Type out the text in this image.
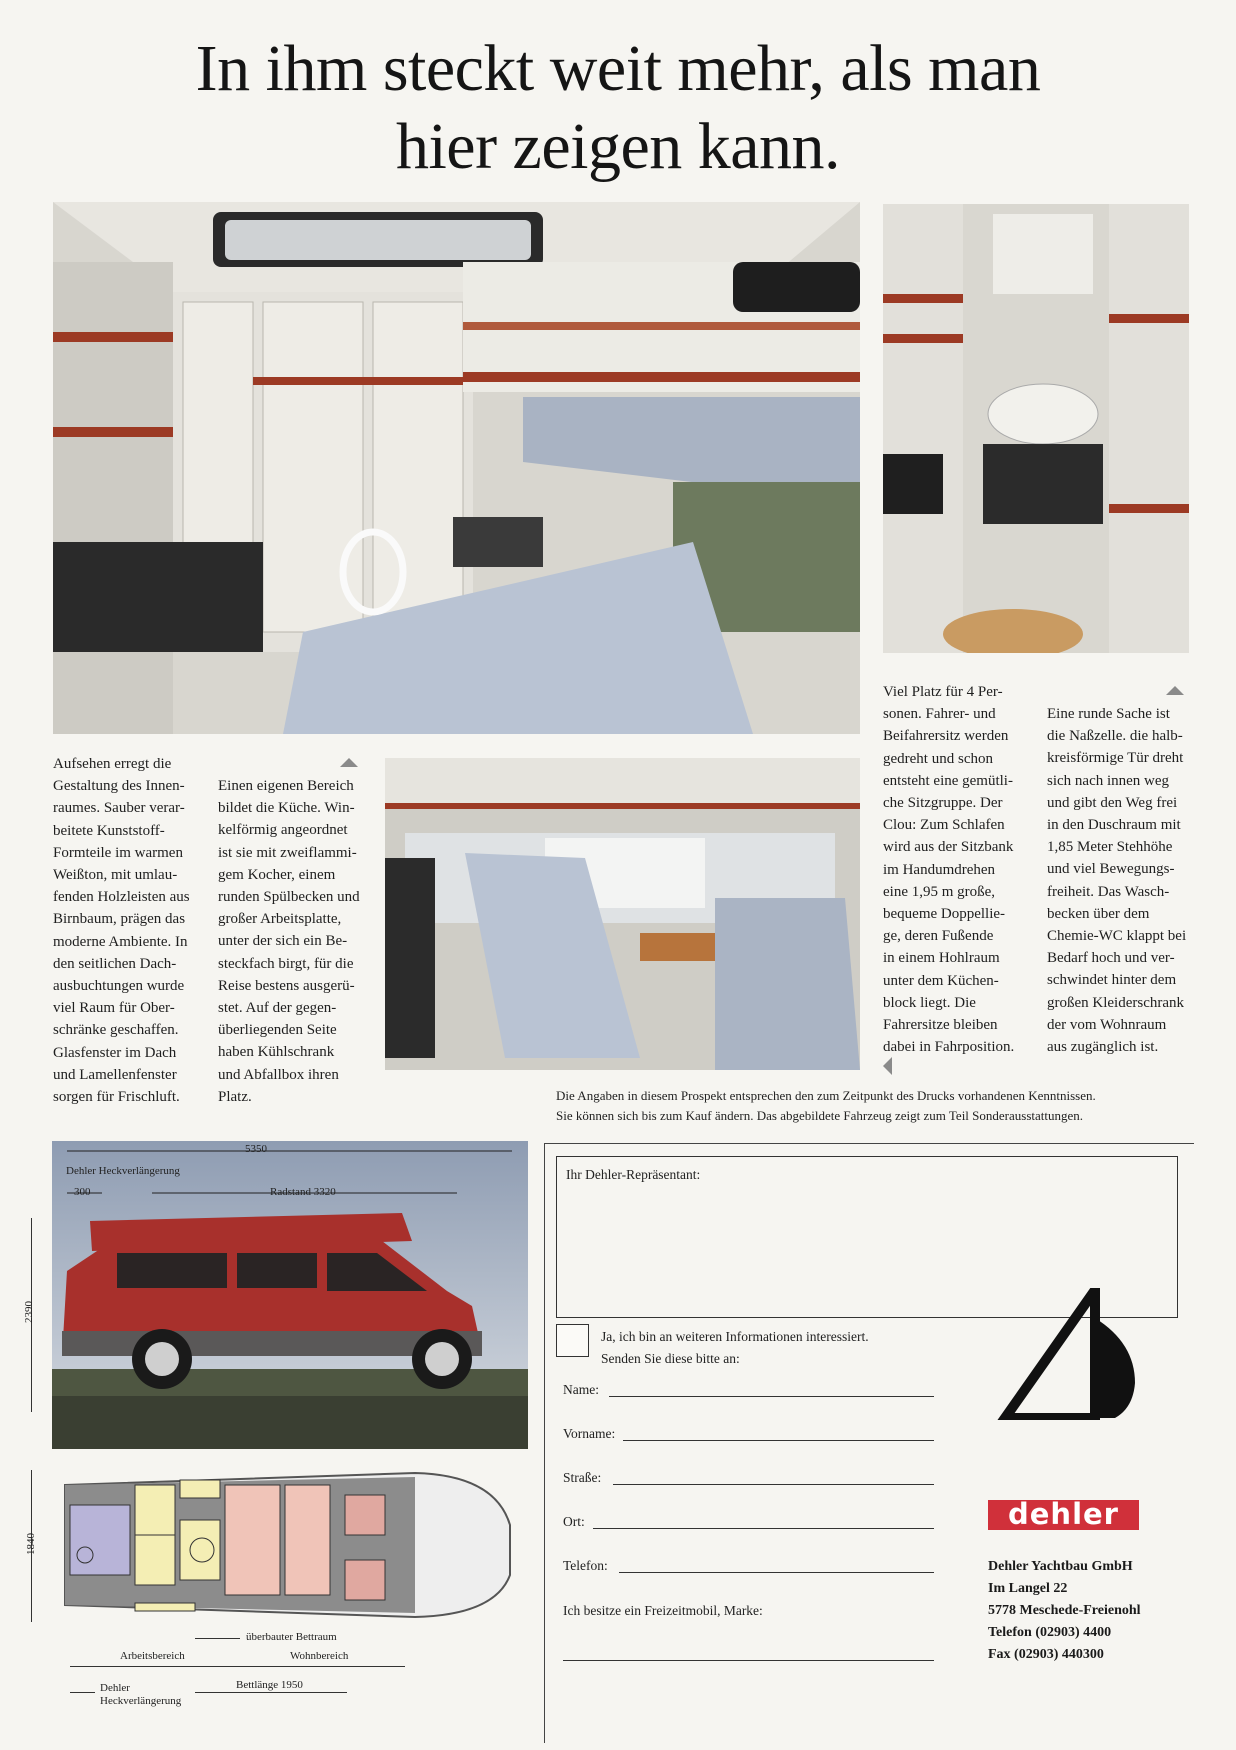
In ihm steckt weit mehr, als man
hier zeigen kann.
Aufsehen erregt die
Gestaltung des Innen-
raumes. Sauber verar-
beitete Kunststoff-
Formteile im warmen
Weißton, mit umlau-
fenden Holzleisten aus
Birnbaum, prägen das
moderne Ambiente. In
den seitlichen Dach-
ausbuchtungen wurde
viel Raum für Ober-
schränke geschaffen.
Glasfenster im Dach
und Lamellenfenster
sorgen für Frischluft.
Einen eigenen Bereich
bildet die Küche. Win-
kelförmig angeordnet
ist sie mit zweiflammi-
gem Kocher, einem
runden Spülbecken und
großer Arbeitsplatte,
unter der sich ein Be-
steckfach birgt, für die
Reise bestens ausgerü-
stet. Auf der gegen-
überliegenden Seite
haben Kühlschrank
und Abfallbox ihren
Platz.
Viel Platz für 4 Per-
sonen. Fahrer- und
Beifahrersitz werden
gedreht und schon
entsteht eine gemütli-
che Sitzgruppe. Der
Clou: Zum Schlafen
wird aus der Sitzbank
im Handumdrehen
eine 1,95 m große,
bequeme Doppellie-
ge, deren Fußende
in einem Hohlraum
unter dem Küchen-
block liegt. Die
Fahrersitze bleiben
dabei in Fahrposition.
Eine runde Sache ist
die Naßzelle. die halb-
kreisförmige Tür dreht
sich nach innen weg
und gibt den Weg frei
in den Duschraum mit
1,85 Meter Stehhöhe
und viel Bewegungs-
freiheit. Das Wasch-
becken über dem
Chemie-WC klappt bei
Bedarf hoch und ver-
schwindet hinter dem
großen Kleiderschrank
der vom Wohnraum
aus zugänglich ist.
Die Angaben in diesem Prospekt entsprechen den zum Zeitpunkt des Drucks vorhandenen Kenntnissen.
Sie können sich bis zum Kauf ändern. Das abgebildete Fahrzeug zeigt zum Teil Sonderausstattungen.
5350
Dehler Heckverlängerung
300	Radstand 3320
2390
1840
überbauter Bettraum
Arbeitsbereich	Wohnbereich
Dehler
Heckverlängerung
Bettlänge 1950
Ihr Dehler-Repräsentant:
Ja, ich bin an weiteren Informationen interessiert.
Senden Sie diese bitte an:
Name:
Vorname:
Straße:
Ort:
Telefon:
Ich besitze ein Freizeitmobil, Marke:
dehler
Dehler Yachtbau GmbH
Im Langel 22
5778 Meschede-Freienohl
Telefon (02903) 4400
Fax (02903) 440300
